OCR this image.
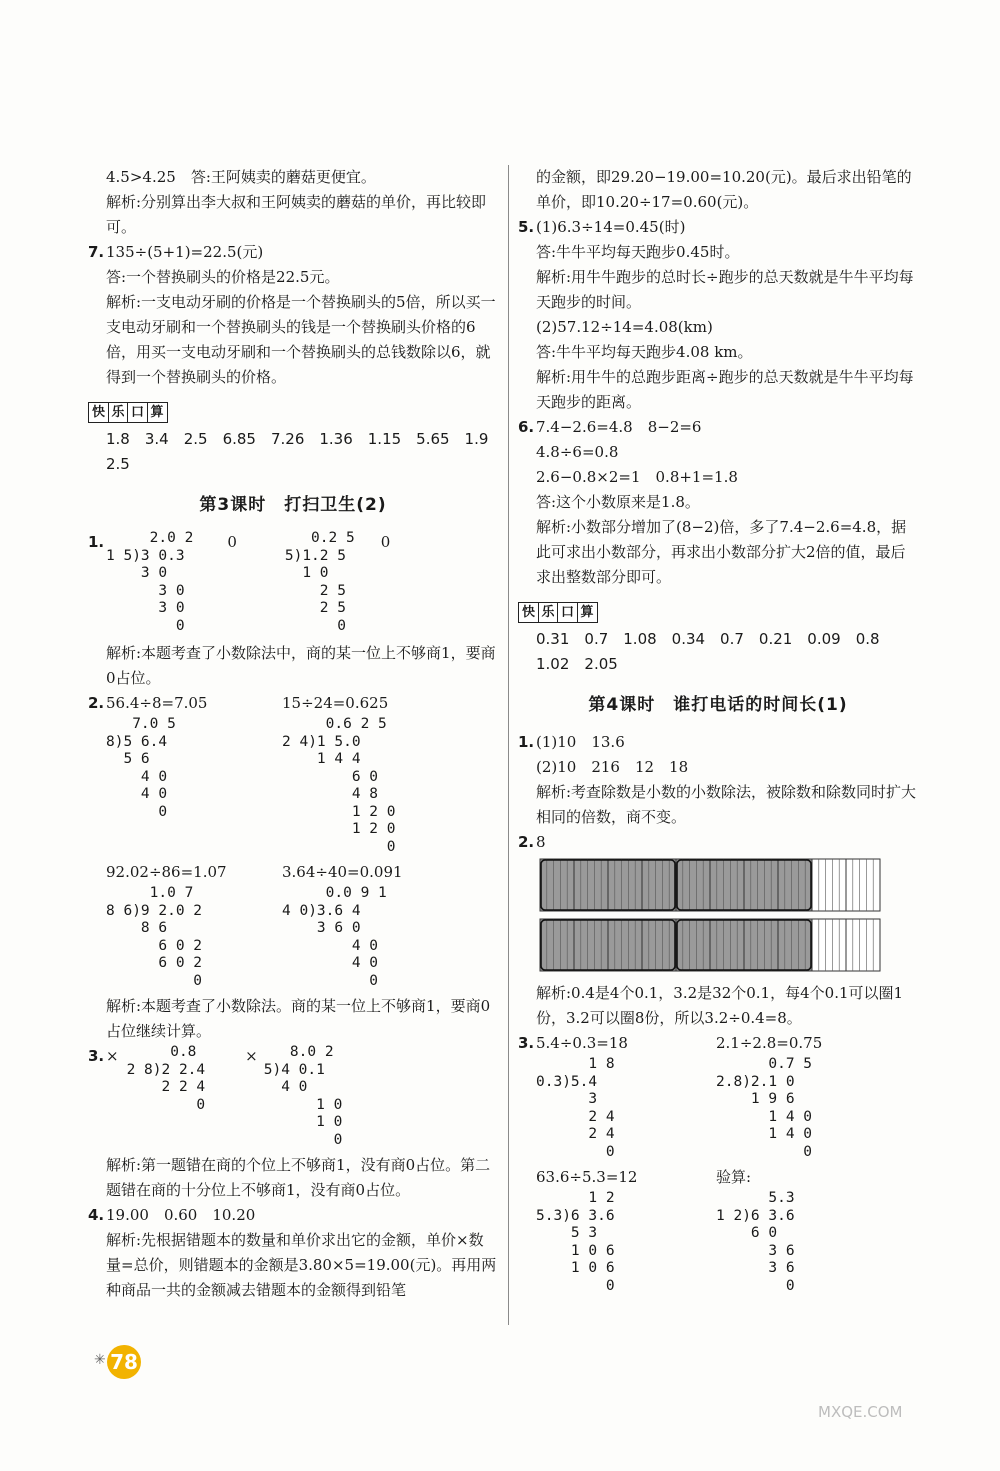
4.5>4.25　答:王阿姨卖的蘑菇更便宜。
解析:分别算出李大叔和王阿姨卖的蘑菇的单价，再比较即可。
7. 135÷(5+1)=22.5(元)
答:一个替换刷头的价格是22.5元。
解析:一支电动牙刷的价格是一个替换刷头的5倍，所以买一支电动牙刷和一个替换刷头的钱是一个替换刷头价格的6倍，用买一支电动牙刷和一个替换刷头的总钱数除以6，就得到一个替换刷头的价格。
快 乐 口 算
1.8　3.4　2.5　6.85　7.26　1.36　1.15　5.65　1.9　2.5
第3课时　打扫卫生(2)
1.	2.0 2
1 5)3 0.3
3 0
3 0
3 0
0
0	0.2 5
5)1.2 5
1 0
2 5
2 5
0
0
解析:本题考查了小数除法中，商的某一位上不够商1，要商0占位。
2. 56.4÷8=7.05
7.0 5
8)5 6.4
5 6
4 0
4 0
0
15÷24=0.625
0.6 2 5
2 4)1 5.0
1 4 4
6 0
4 8
1 2 0
1 2 0
0
92.02÷86=1.07
1.0 7
8 6)9 2.0 2
8 6
6 0 2
6 0 2
0
3.64÷40=0.091
0.0 9 1
4 0)3.6 4
3 6 0
4 0
4 0
0
解析:本题考查了小数除法。商的某一位上不够商1，要商0占位继续计算。
3. ×	0.8
2 8)2 2.4
2 2 4
0
×	8.0 2
5)4 0.1
4 0
1 0
1 0
0
解析:第一题错在商的个位上不够商1，没有商0占位。第二题错在商的十分位上不够商1，没有商0占位。
4. 19.00　0.60　10.20
解析:先根据错题本的数量和单价求出它的金额，单价×数量=总价，则错题本的金额是3.80×5=19.00(元)。再用两种商品一共的金额减去错题本的金额得到铅笔
的金额，即29.20−19.00=10.20(元)。最后求出铅笔的单价，即10.20÷17=0.60(元)。
5. (1)6.3÷14=0.45(时)
答:牛牛平均每天跑步0.45时。
解析:用牛牛跑步的总时长÷跑步的总天数就是牛牛平均每天跑步的时间。
(2)57.12÷14=4.08(km)
答:牛牛平均每天跑步4.08 km。
解析:用牛牛的总跑步距离÷跑步的总天数就是牛牛平均每天跑步的距离。
6. 7.4−2.6=4.8　8−2=6
4.8÷6=0.8
2.6−0.8×2=1　0.8+1=1.8
答:这个小数原来是1.8。
解析:小数部分增加了(8−2)倍，多了7.4−2.6=4.8，据此可求出小数部分，再求出小数部分扩大2倍的值，最后求出整数部分即可。
快 乐 口 算
0.31　0.7　1.08　0.34　0.7　0.21　0.09　0.8　1.02　2.05
第4课时　谁打电话的时间长(1)
1. (1)10　13.6
(2)10　216　12　18
解析:考查除数是小数的小数除法，被除数和除数同时扩大相同的倍数，商不变。
2. 8
解析:0.4是4个0.1，3.2是32个0.1，每4个0.1可以圈1份，3.2可以圈8份，所以3.2÷0.4=8。
3. 5.4÷0.3=18
1 8
0.3)5.4
3
2 4
2 4
0
2.1÷2.8=0.75
0.7 5
2.8)2.1 0
1 9 6
1 4 0
1 4 0
0
63.6÷5.3=12
1 2
5.3)6 3.6
5 3
1 0 6
1 0 6
0
验算:
5.3
1 2)6 3.6
6 0
3 6
3 6
0
✳ 78
MXQE.COM
